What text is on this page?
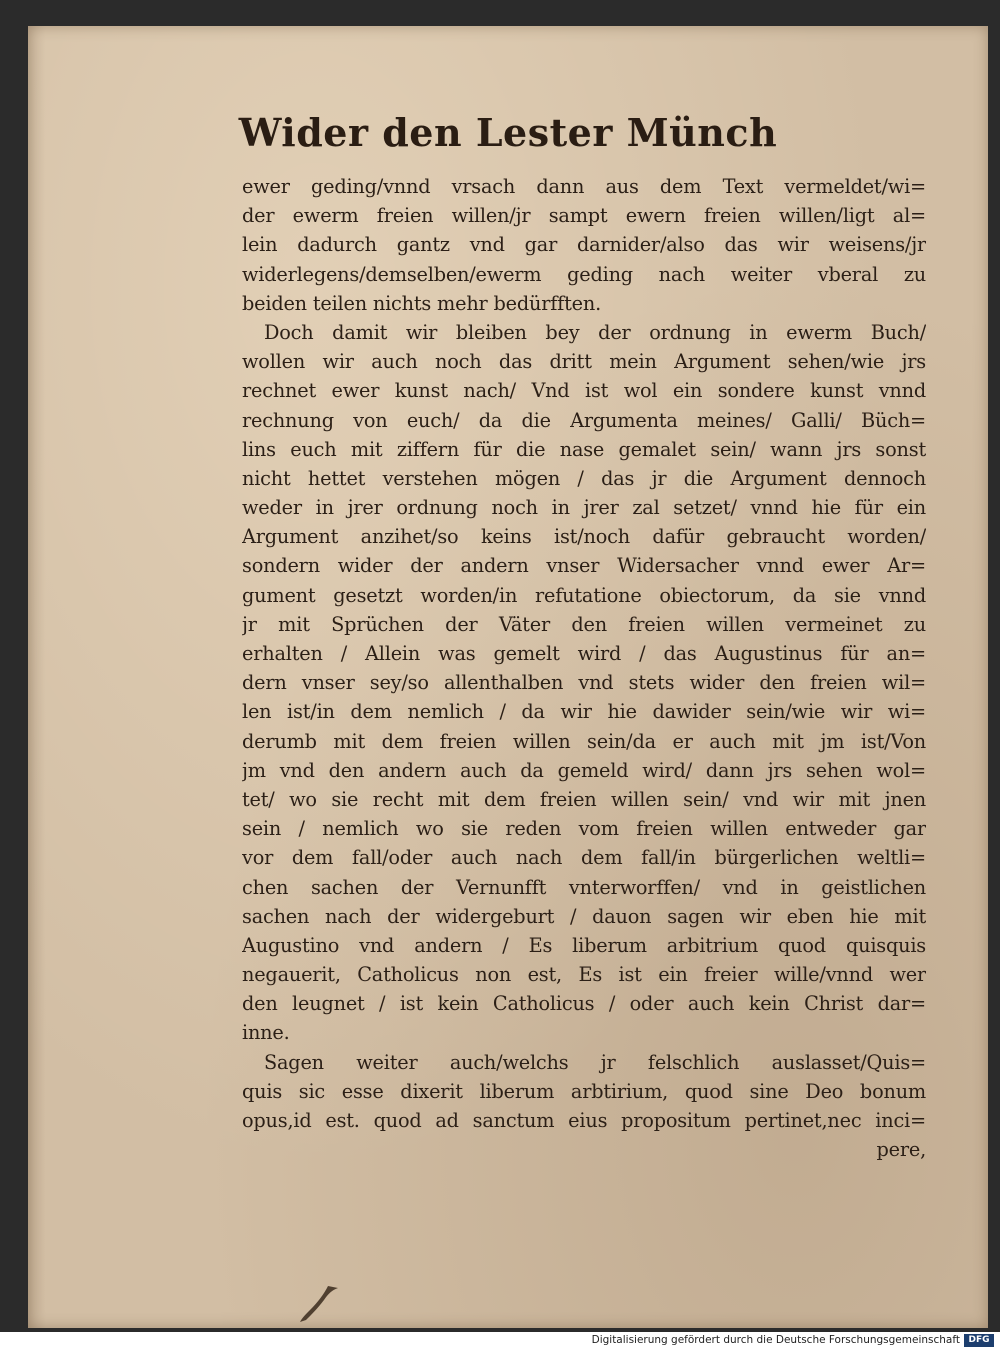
Wider den Lester Münch
ewer geding/vnnd vrsach dann aus dem Text vermeldet/wi=
der ewerm freien willen/jr sampt ewern freien willen/ligt al=
lein dadurch gantz vnd gar darnider/also das wir weisens/jr
widerlegens/demselben/ewerm geding nach weiter vberal zu
beiden teilen nichts mehr bedürfften.
Doch damit wir bleiben bey der ordnung in ewerm Buch/
wollen wir auch noch das dritt mein Argument sehen/wie jrs
rechnet ewer kunst nach/ Vnd ist wol ein sondere kunst vnnd
rechnung von euch/ da die Argumenta meines/ Galli/ Büch=
lins euch mit ziffern für die nase gemalet sein/ wann jrs sonst
nicht hettet verstehen mögen / das jr die Argument dennoch
weder in jrer ordnung noch in jrer zal setzet/ vnnd hie für ein
Argument anzihet/so keins ist/noch dafür gebraucht worden/
sondern wider der andern vnser Widersacher vnnd ewer Ar=
gument gesetzt worden/in refutatione obiectorum, da sie vnnd
jr mit Sprüchen der Väter den freien willen vermeinet zu
erhalten / Allein was gemelt wird / das Augustinus für an=
dern vnser sey/so allenthalben vnd stets wider den freien wil=
len ist/in dem nemlich / da wir hie dawider sein/wie wir wi=
derumb mit dem freien willen sein/da er auch mit jm ist/Von
jm vnd den andern auch da gemeld wird/ dann jrs sehen wol=
tet/ wo sie recht mit dem freien willen sein/ vnd wir mit jnen
sein / nemlich wo sie reden vom freien willen entweder gar
vor dem fall/oder auch nach dem fall/in bürgerlichen weltli=
chen sachen der Vernunfft vnterworffen/ vnd in geistlichen
sachen nach der widergeburt / dauon sagen wir eben hie mit
Augustino vnd andern / Es liberum arbitrium quod quisquis
negauerit, Catholicus non est, Es ist ein freier wille/vnnd wer
den leugnet / ist kein Catholicus / oder auch kein Christ dar=
inne.
Sagen weiter auch/welchs jr felschlich auslasset/Quis=
quis sic esse dixerit liberum arbtirium, quod sine Deo bonum
opus,id est. quod ad sanctum eius propositum pertinet,nec inci=
pere,
Digitalisierung gefördert durch die Deutsche Forschungsgemeinschaft DFG
